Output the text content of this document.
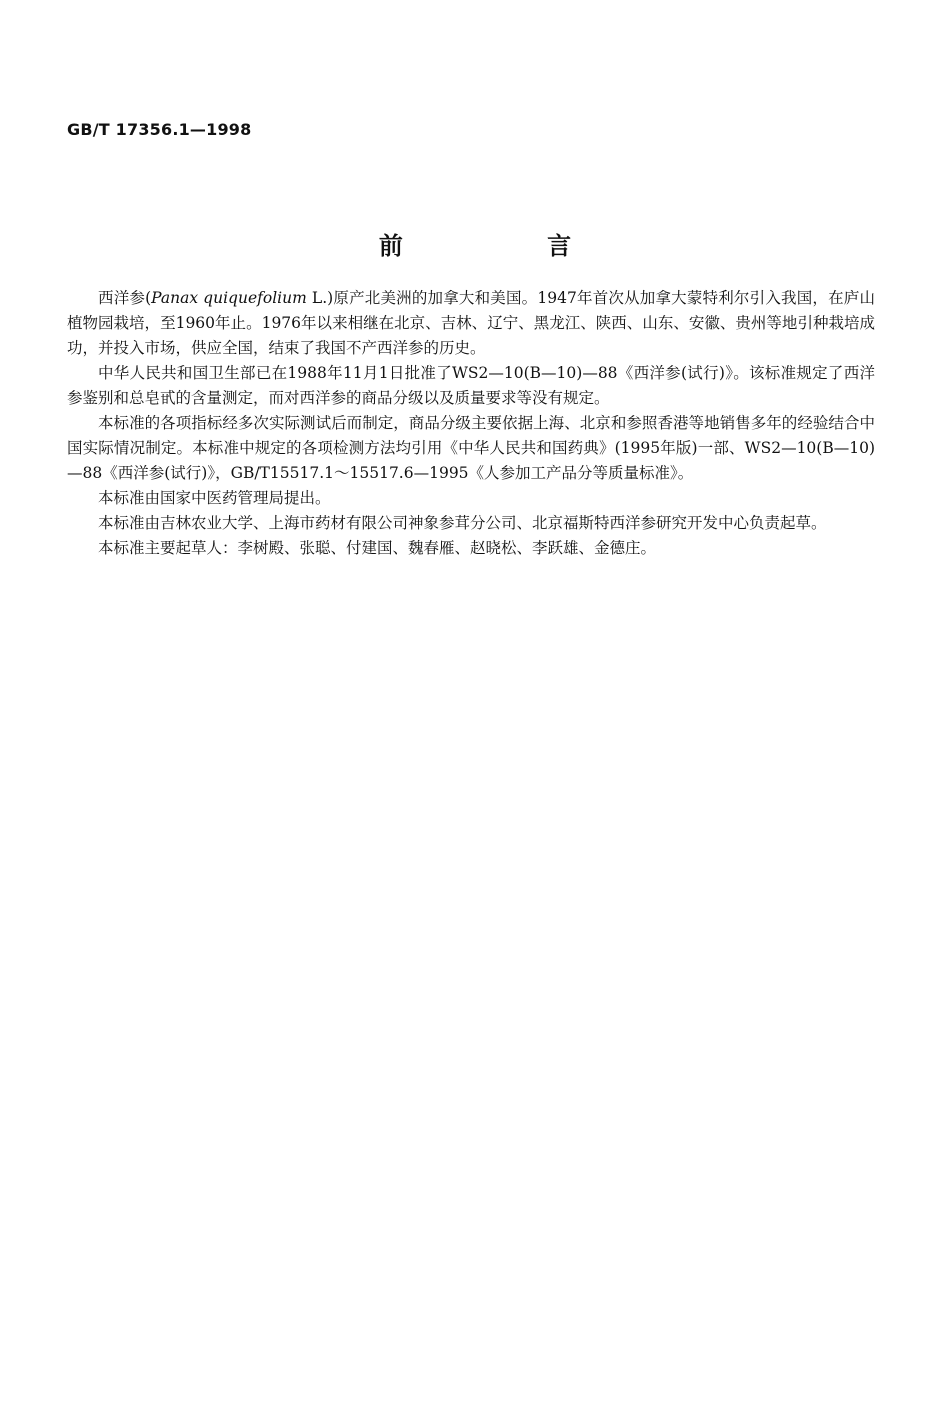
GB/T 17356.1—1998
前 言

西洋参(Panax quiquefolium L.)原产北美洲的加拿大和美国。1947年首次从加拿大蒙特利尔引入我国，在庐山植物园栽培，至1960年止。1976年以来相继在北京、吉林、辽宁、黑龙江、陕西、山东、安徽、贵州等地引种栽培成功，并投入市场，供应全国，结束了我国不产西洋参的历史。

中华人民共和国卫生部已在1988年11月1日批准了WS2—10(B—10)—88《西洋参(试行)》。该标准规定了西洋参鉴别和总皂甙的含量测定，而对西洋参的商品分级以及质量要求等没有规定。

本标准的各项指标经多次实际测试后而制定，商品分级主要依据上海、北京和参照香港等地销售多年的经验结合中国实际情况制定。本标准中规定的各项检测方法均引用《中华人民共和国药典》(1995年版)一部、WS2—10(B—10)—88《西洋参(试行)》，GB/T15517.1～15517.6—1995《人参加工产品分等质量标准》。

本标准由国家中医药管理局提出。

本标准由吉林农业大学、上海市药材有限公司神象参茸分公司、北京福斯特西洋参研究开发中心负责起草。

本标准主要起草人：李树殿、张聪、付建国、魏春雁、赵晓松、李跃雄、金德庄。
